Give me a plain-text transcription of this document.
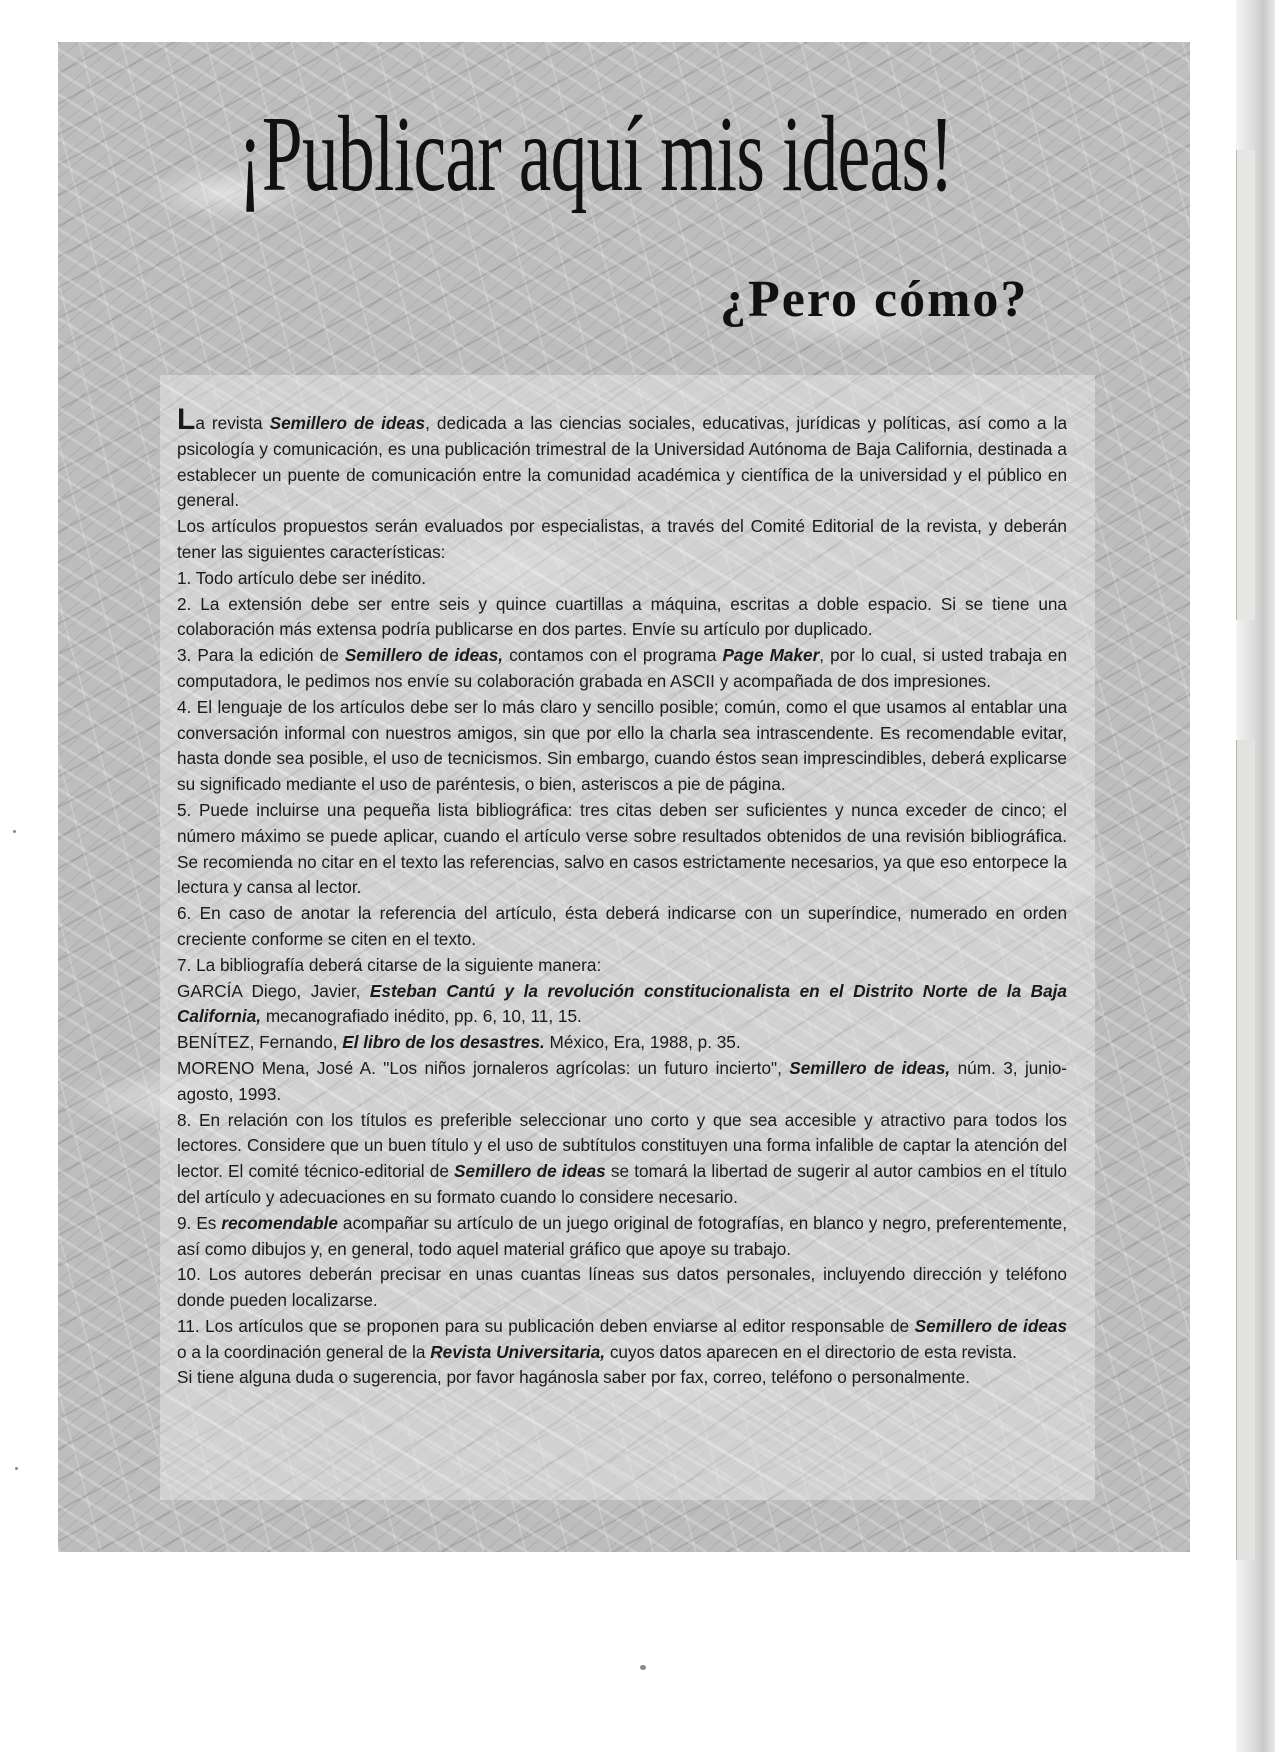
¡Publicar aquí mis ideas!
¿Pero cómo?

La revista Semillero de ideas, dedicada a las ciencias sociales, educativas, jurídicas y políticas, así como a la psicología y comunicación, es una publicación trimestral de la Universidad Autónoma de Baja California, destinada a establecer un puente de comunicación entre la comunidad académica y científica de la universidad y el público en general.

Los artículos propuestos serán evaluados por especialistas, a través del Comité Editorial de la revista, y deberán tener las siguientes características:

1. Todo artículo debe ser inédito.

2. La extensión debe ser entre seis y quince cuartillas a máquina, escritas a doble espacio. Si se tiene una colaboración más extensa podría publicarse en dos partes. Envíe su artículo por duplicado.

3. Para la edición de Semillero de ideas, contamos con el programa Page Maker, por lo cual, si usted trabaja en computadora, le pedimos nos envíe su colaboración grabada en ASCII y acompañada de dos impresiones.

4. El lenguaje de los artículos debe ser lo más claro y sencillo posible; común, como el que usamos al entablar una conversación informal con nuestros amigos, sin que por ello la charla sea intrascendente. Es recomendable evitar, hasta donde sea posible, el uso de tecnicismos. Sin embargo, cuando éstos sean imprescindibles, deberá explicarse su significado mediante el uso de paréntesis, o bien, asteriscos a pie de página.

5. Puede incluirse una pequeña lista bibliográfica: tres citas deben ser suficientes y nunca exceder de cinco; el número máximo se puede aplicar, cuando el artículo verse sobre resultados obtenidos de una revisión bibliográfica. Se recomienda no citar en el texto las referencias, salvo en casos estrictamente necesarios, ya que eso entorpece la lectura y cansa al lector.

6. En caso de anotar la referencia del artículo, ésta deberá indicarse con un superíndice, numerado en orden creciente conforme se citen en el texto.

7. La bibliografía deberá citarse de la siguiente manera:

GARCÍA Diego, Javier, Esteban Cantú y la revolución constitucionalista en el Distrito Norte de la Baja California, mecanografiado inédito, pp. 6, 10, 11, 15.

BENÍTEZ, Fernando, El libro de los desastres. México, Era, 1988, p. 35.

MORENO Mena, José A. "Los niños jornaleros agrícolas: un futuro incierto", Semillero de ideas, núm. 3, junio-agosto, 1993.

8. En relación con los títulos es preferible seleccionar uno corto y que sea accesible y atractivo para todos los lectores. Considere que un buen título y el uso de subtítulos constituyen una forma infalible de captar la atención del lector. El comité técnico-editorial de Semillero de ideas se tomará la libertad de sugerir al autor cambios en el título del artículo y adecuaciones en su formato cuando lo considere necesario.

9. Es recomendable acompañar su artículo de un juego original de fotografías, en blanco y negro, preferentemente, así como dibujos y, en general, todo aquel material gráfico que apoye su trabajo.

10. Los autores deberán precisar en unas cuantas líneas sus datos personales, incluyendo dirección y teléfono donde pueden localizarse.

11. Los artículos que se proponen para su publicación deben enviarse al editor responsable de Semillero de ideas o a la coordinación general de la Revista Universitaria, cuyos datos aparecen en el directorio de esta revista.

Si tiene alguna duda o sugerencia, por favor hagánosla saber por fax, correo, teléfono o personalmente.
